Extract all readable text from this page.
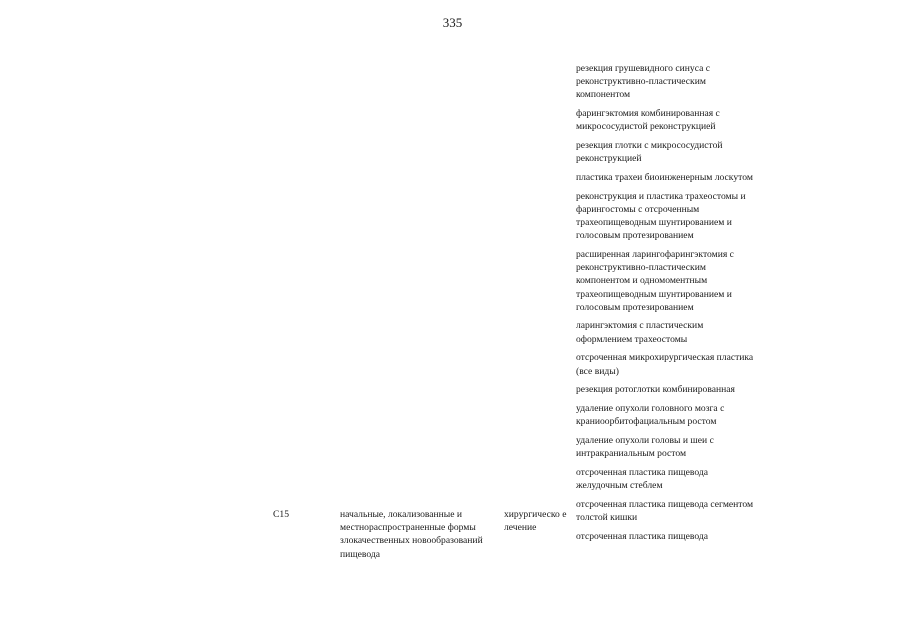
335
резекция грушевидного синуса с реконструктивно-пластическим компонентом
фарингэктомия комбинированная с микрососудистой реконструкцией
резекция глотки с микрососудистой реконструкцией
пластика трахеи биоинженерным лоскутом
реконструкция и пластика трахеостомы и фарингостомы с отсроченным трахеопищеводным шунтированием и голосовым протезированием
расширенная ларингофарингэктомия с реконструктивно-пластическим компонентом и одномоментным трахеопищеводным шунтированием и голосовым протезированием
ларингэктомия с пластическим оформлением трахеостомы
отсроченная микрохирургическая пластика (все виды)
резекция ротоглотки комбинированная
удаление опухоли головного мозга с краниоорбитофациальным ростом
удаление опухоли головы и шеи с интракраниальным ростом
отсроченная пластика пищевода желудочным стеблем
отсроченная пластика пищевода сегментом толстой кишки
отсроченная пластика пищевода
C15	начальные, локализованные и местнораспространенные формы злокачественных новообразований пищевода
хирургическо е лечение
